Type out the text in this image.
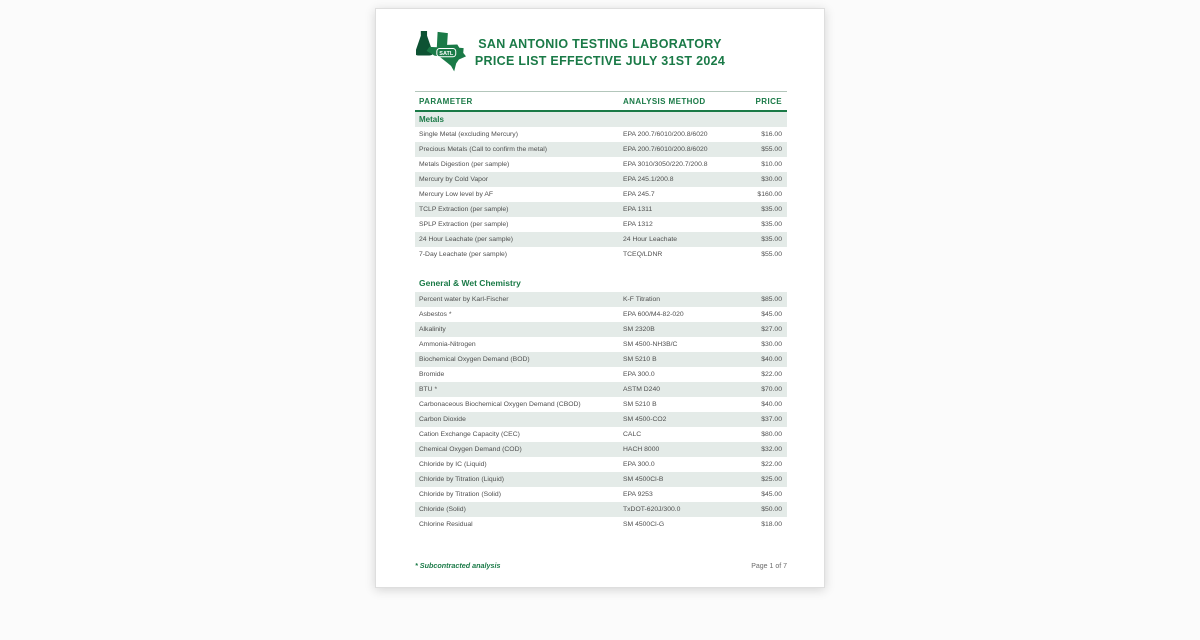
SATL
SAN ANTONIO TESTING LABORATORY
PRICE LIST EFFECTIVE JULY 31ST 2024
PARAMETER	ANALYSIS METHOD	PRICE
Metals
Single Metal (excluding Mercury)	EPA 200.7/6010/200.8/6020	$16.00
Precious Metals (Call to confirm the metal)	EPA 200.7/6010/200.8/6020	$55.00
Metals Digestion (per sample)	EPA 3010/3050/220.7/200.8	$10.00
Mercury by Cold Vapor	EPA 245.1/200.8	$30.00
Mercury Low level by AF	EPA 245.7	$160.00
TCLP Extraction (per sample)	EPA 1311	$35.00
SPLP Extraction (per sample)	EPA 1312	$35.00
24 Hour Leachate (per sample)	24 Hour Leachate	$35.00
7-Day Leachate (per sample)	TCEQ/LDNR	$55.00
General & Wet Chemistry
Percent water by Karl-Fischer	K-F Titration	$85.00
Asbestos *	EPA 600/M4-82-020	$45.00
Alkalinity	SM 2320B	$27.00
Ammonia-Nitrogen	SM 4500-NH3B/C	$30.00
Biochemical Oxygen Demand (BOD)	SM 5210 B	$40.00
Bromide	EPA 300.0	$22.00
BTU *	ASTM D240	$70.00
Carbonaceous Biochemical Oxygen Demand (CBOD)	SM 5210 B	$40.00
Carbon Dioxide	SM 4500-CO2	$37.00
Cation Exchange Capacity (CEC)	CALC	$80.00
Chemical Oxygen Demand (COD)	HACH 8000	$32.00
Chloride by IC (Liquid)	EPA 300.0	$22.00
Chloride by Titration (Liquid)	SM 4500Cl-B	$25.00
Chloride by Titration (Solid)	EPA 9253	$45.00
Chloride (Solid)	TxDOT-620J/300.0	$50.00
Chlorine Residual	SM 4500Cl-G	$18.00
* Subcontracted analysis	Page 1 of 7
